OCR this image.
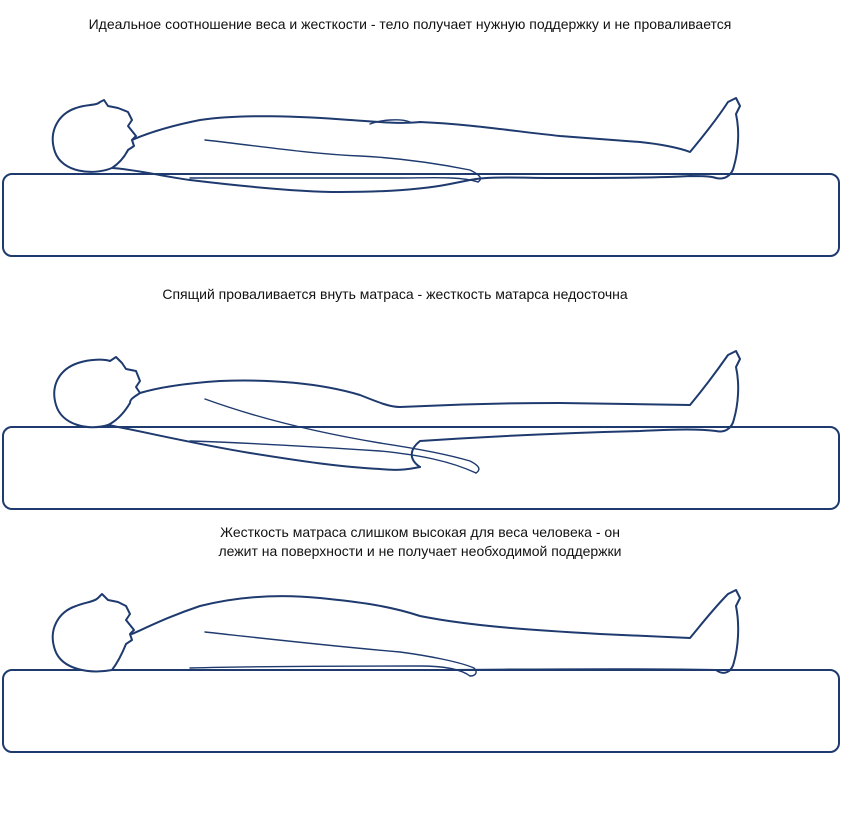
Идеальное соотношение веса и жесткости - тело получает нужную поддержку и не проваливается

Спящий проваливается внуть матраса - жесткость матарса недосточна

Жесткость матраса слишком высокая для веса человека - он

лежит на поверхности и не получает необходимой поддержки
